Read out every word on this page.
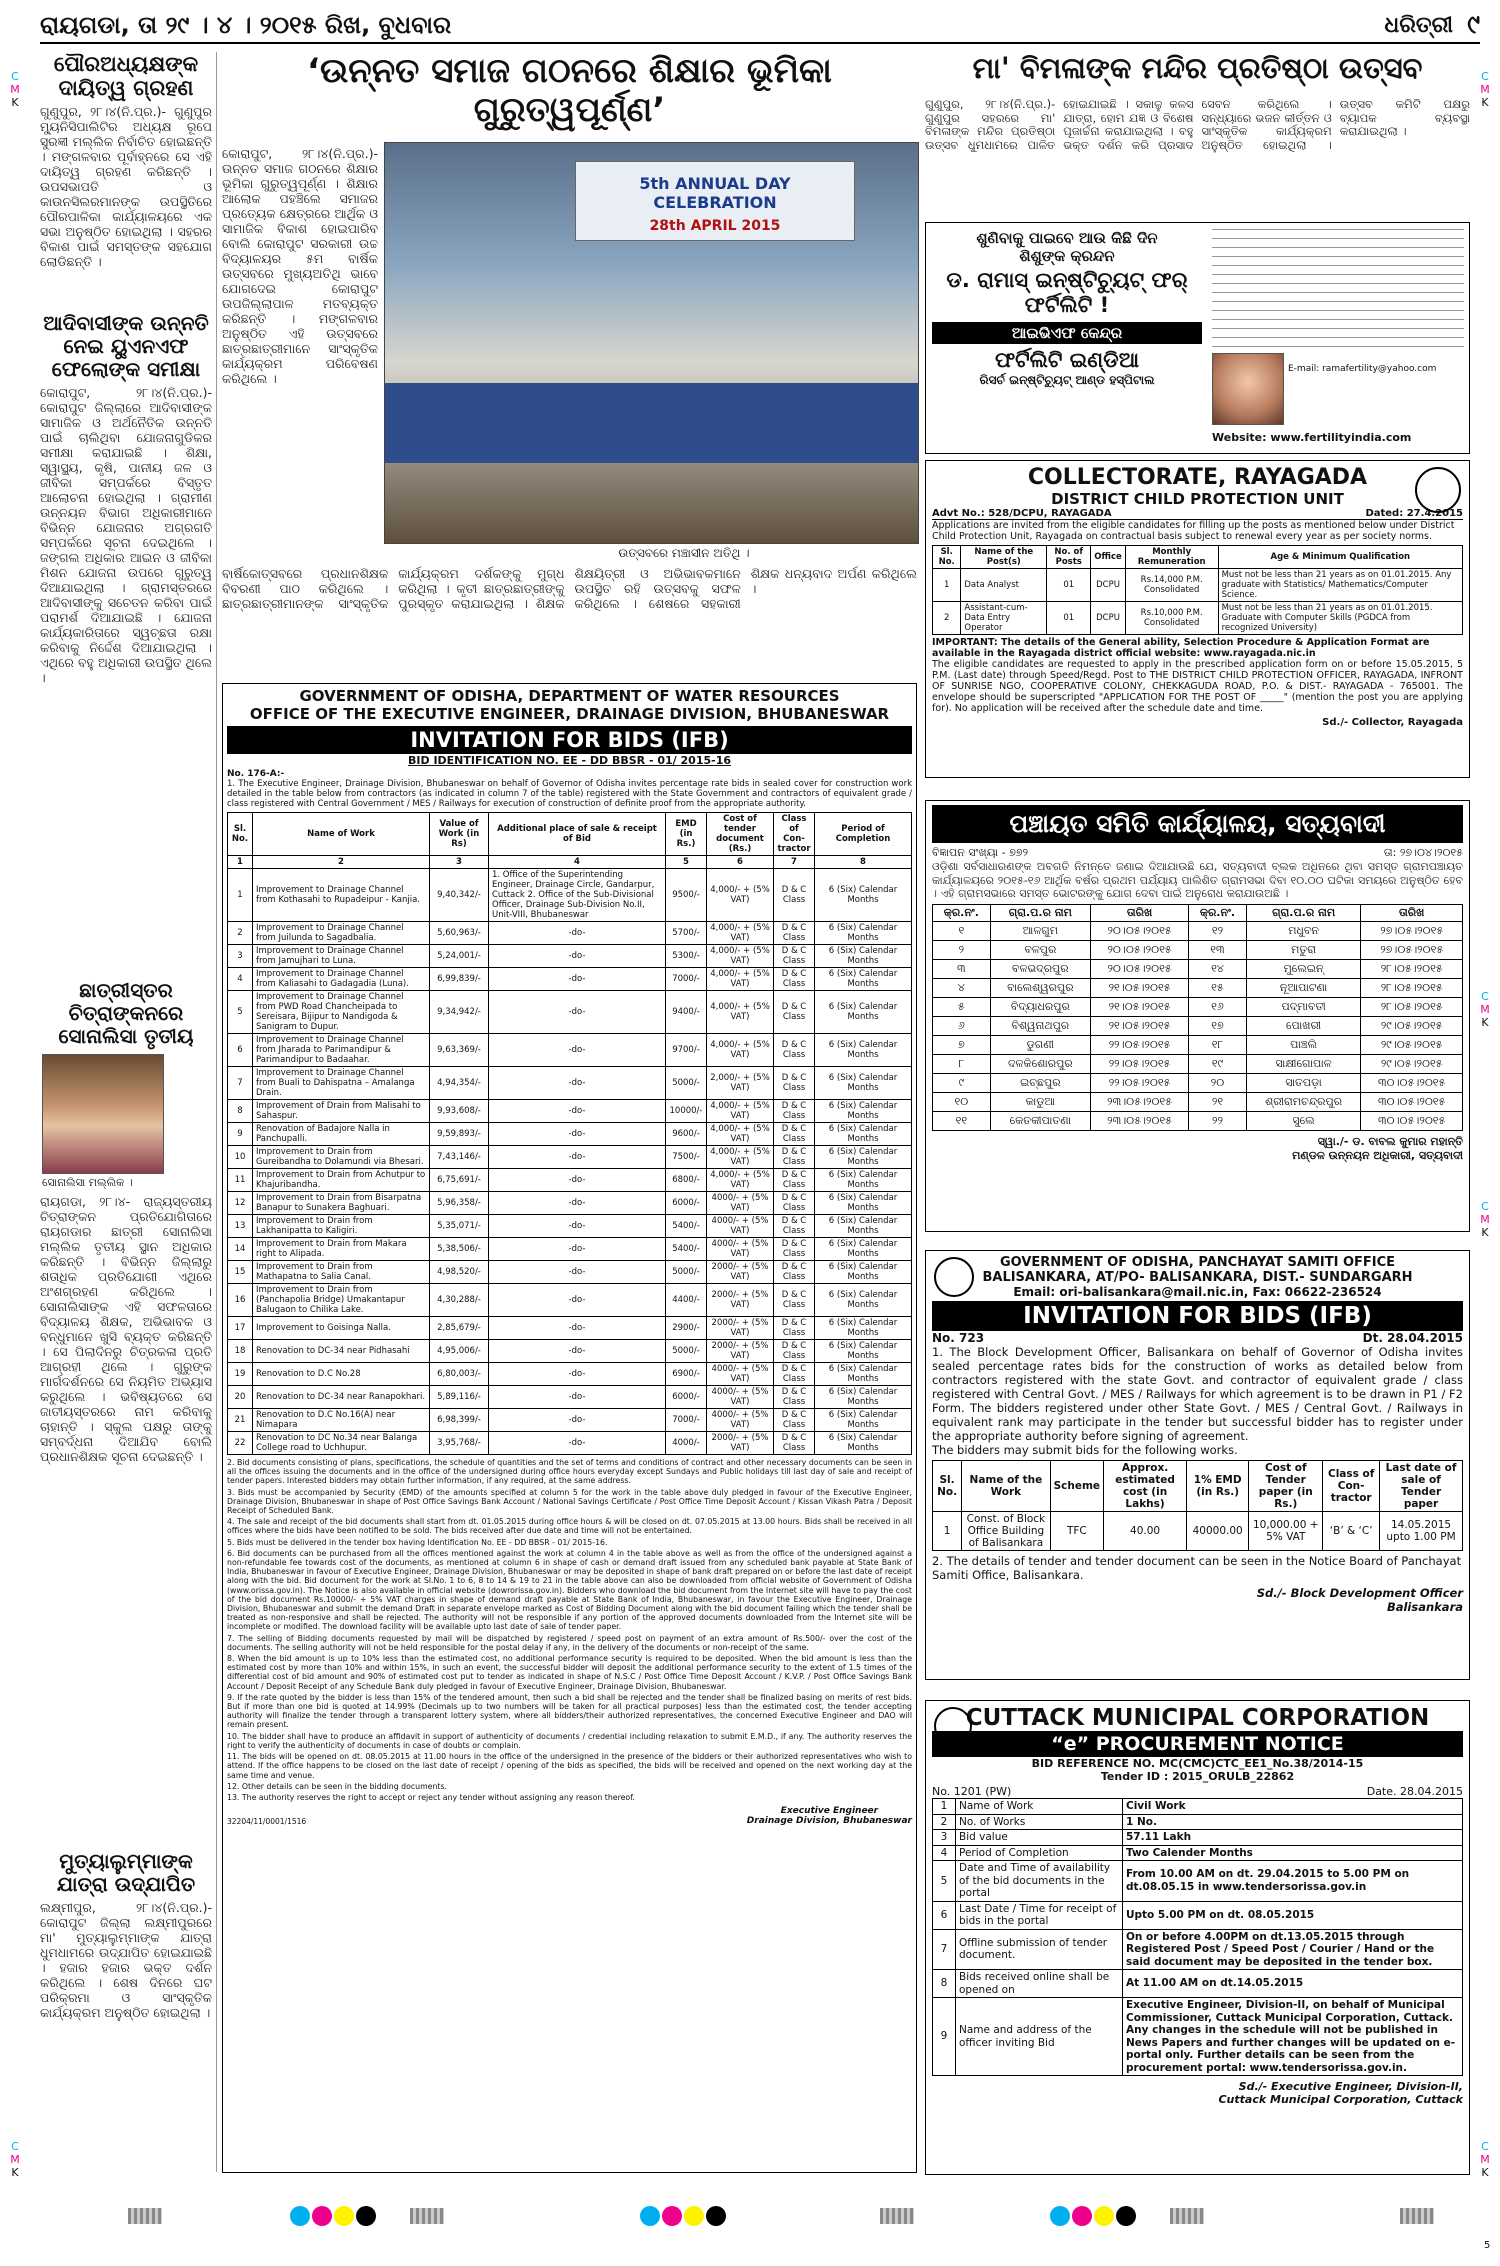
ରାୟଗଡା, ତା ୨୯ । ୪ । ୨୦୧୫ ରିଖ, ବୁଧବାର	ଧରିତ୍ରୀ ୯
C
M
K
C
M
K
C
M
K
C
M
K
C
M
K
C
M
K
ପୌରଅଧ୍ୟକ୍ଷଙ୍କ ଦାୟିତ୍ୱ ଗ୍ରହଣ
ଗୁଣୁପୁର, ୨୮।୪(ନି.ପ୍ର.)- ଗୁଣୁପୁର ମ୍ୟୁନିସିପାଲିଟିର ଅଧ୍ୟକ୍ଷ ରୂପେ ସୁରଜ୍ଞୀ ମଲ୍ଲିକ ନିର୍ବାଚିତ ହୋଇଛନ୍ତି । ମଙ୍ଗଳବାର ପୂର୍ବାହ୍ନରେ ସେ ଏହି ଦାୟିତ୍ୱ ଗ୍ରହଣ କରିଛନ୍ତି । ଉପସଭାପତି ଓ କାଉନସିଲରମାନଙ୍କ ଉପସ୍ଥିତିରେ ପୌରପାଳିକା କାର୍ଯ୍ୟାଳୟରେ ଏକ ସଭା ଅନୁଷ୍ଠିତ ହୋଇଥିଲା । ସହରର ବିକାଶ ପାଇଁ ସମସ୍ତଙ୍କ ସହଯୋଗ ଲୋଡିଛନ୍ତି ।
ଆଦିବାସୀଙ୍କ ଉନ୍ନତି ନେଇ ୟୁଏନଏଫ ଫେଲୋଙ୍କ ସମୀକ୍ଷା
କୋରାପୁଟ, ୨୮।୪(ନି.ପ୍ର.)- କୋରାପୁଟ ଜିଲ୍ଲାରେ ଆଦିବାସୀଙ୍କ ସାମାଜିକ ଓ ଅର୍ଥନୈତିକ ଉନ୍ନତି ପାଇଁ ଚାଲିଥିବା ଯୋଜନାଗୁଡିକର ସମୀକ୍ଷା କରାଯାଇଛି । ଶିକ୍ଷା, ସ୍ୱାସ୍ଥ୍ୟ, କୃଷି, ପାନୀୟ ଜଳ ଓ ଜୀବିକା ସମ୍ପର୍କରେ ବିସ୍ତୃତ ଆଲୋଚନା ହୋଇଥିଲା । ଗ୍ରାମୀଣ ଉନ୍ନୟନ ବିଭାଗ ଅଧିକାରୀମାନେ ବିଭିନ୍ନ ଯୋଜନାର ଅଗ୍ରଗତି ସମ୍ପର୍କରେ ସୂଚନା ଦେଇଥିଲେ । ଜଙ୍ଗଲ ଅଧିକାର ଆଇନ ଓ ଜୀବିକା ମିଶନ ଯୋଜନା ଉପରେ ଗୁରୁତ୍ୱ ଦିଆଯାଇଥିଲା । ଗ୍ରାମସ୍ତରରେ ଆଦିବାସୀଙ୍କୁ ସଚେତନ କରିବା ପାଇଁ ପରାମର୍ଶ ଦିଆଯାଇଛି । ଯୋଜନା କାର୍ଯ୍ୟକାରିତାରେ ସ୍ୱଚ୍ଛତା ରକ୍ଷା କରିବାକୁ ନିର୍ଦ୍ଦେଶ ଦିଆଯାଇଥିଲା । ଏଥିରେ ବହୁ ଅଧିକାରୀ ଉପସ୍ଥିତ ଥିଲେ ।
ଛାତ୍ରୀସ୍ତର ଚିତ୍ରାଙ୍କନରେ ସୋନାଲିସା ତୃତୀୟ
ସୋନାଲିସା ମଲ୍ଲିକ ।
ରାୟଗଡା, ୨୮।୪- ରାଜ୍ୟସ୍ତରୀୟ ଚିତ୍ରାଙ୍କନ ପ୍ରତିଯୋଗିତାରେ ରାୟଗଡାର ଛାତ୍ରୀ ସୋନାଲିସା ମଲ୍ଲିକ ତୃତୀୟ ସ୍ଥାନ ଅଧିକାର କରିଛନ୍ତି । ବିଭିନ୍ନ ଜିଲ୍ଲାରୁ ଶତାଧିକ ପ୍ରତିଯୋଗୀ ଏଥିରେ ଅଂଶଗ୍ରହଣ କରିଥିଲେ । ସୋନାଲିସାଙ୍କ ଏହି ସଫଳତାରେ ବିଦ୍ୟାଳୟ ଶିକ୍ଷକ, ଅଭିଭାବକ ଓ ବନ୍ଧୁମାନେ ଖୁସି ବ୍ୟକ୍ତ କରିଛନ୍ତି । ସେ ପିଲାଦିନରୁ ଚିତ୍ରକଳା ପ୍ରତି ଆଗ୍ରହୀ ଥିଲେ । ଗୁରୁଙ୍କ ମାର୍ଗଦର୍ଶନରେ ସେ ନିୟମିତ ଅଭ୍ୟାସ କରୁଥିଲେ । ଭବିଷ୍ୟତରେ ସେ ଜାତୀୟସ୍ତରରେ ନାମ କରିବାକୁ ଚାହାନ୍ତି । ସ୍କୁଲ ପକ୍ଷରୁ ତାଙ୍କୁ ସମ୍ବର୍ଦ୍ଧନା ଦିଆଯିବ ବୋଲି ପ୍ରଧାନଶିକ୍ଷକ ସୂଚନା ଦେଇଛନ୍ତି ।
ମୁତ୍ୟାଲୁମ୍ମାଙ୍କ ଯାତ୍ରା ଉଦ୍‌ଯାପିତ
ଲକ୍ଷ୍ମୀପୁର, ୨୮।୪(ନି.ପ୍ର.)- କୋରାପୁଟ ଜିଲ୍ଲା ଲକ୍ଷ୍ମୀପୁରରେ ମା' ମୁତ୍ୟାଲୁମ୍ମାଙ୍କ ଯାତ୍ରା ଧୁମଧାମରେ ଉଦ୍‌ଯାପିତ ହୋଇଯାଇଛି । ହଜାର ହଜାର ଭକ୍ତ ଦର୍ଶନ କରିଥିଲେ । ଶେଷ ଦିନରେ ଘଟ ପରିକ୍ରମା ଓ ସାଂସ୍କୃତିକ କାର୍ଯ୍ୟକ୍ରମ ଅନୁଷ୍ଠିତ ହୋଇଥିଲା ।
‘ଉନ୍ନତ ସମାଜ ଗଠନରେ ଶିକ୍ଷାର ଭୂମିକା ଗୁରୁତ୍ୱପୂର୍ଣ୍ଣ’
କୋରାପୁଟ, ୨୮।୪(ନି.ପ୍ର.)- ଉନ୍ନତ ସମାଜ ଗଠନରେ ଶିକ୍ଷାର ଭୂମିକା ଗୁରୁତ୍ୱପୂର୍ଣ୍ଣ । ଶିକ୍ଷାର ଆଲୋକ ପହଞ୍ଚିଲେ ସମାଜର ପ୍ରତ୍ୟେକ କ୍ଷେତ୍ରରେ ଆର୍ଥିକ ଓ ସାମାଜିକ ବିକାଶ ହୋଇପାରିବ ବୋଲି କୋରାପୁଟ ସରକାରୀ ଉଚ୍ଚ ବିଦ୍ୟାଳୟର ୫ମ ବାର୍ଷିକ ଉତ୍ସବରେ ମୁଖ୍ୟଅତିଥି ଭାବେ ଯୋଗଦେଇ କୋରାପୁଟ ଉପଜିଲ୍ଲାପାଳ ମତବ୍ୟକ୍ତ କରିଛନ୍ତି । ମଙ୍ଗଳବାର ଅନୁଷ୍ଠିତ ଏହି ଉତ୍ସବରେ ଛାତ୍ରଛାତ୍ରୀମାନେ ସାଂସ୍କୃତିକ କାର୍ଯ୍ୟକ୍ରମ ପରିବେଷଣ କରିଥିଲେ ।
5th ANNUAL DAY CELEBRATION
28th APRIL 2015
ଉତ୍ସବରେ ମଞ୍ଚାସୀନ ଅତିଥି ।
ବାର୍ଷିକୋତ୍ସବରେ ପ୍ରଧାନଶିକ୍ଷକ ବିବରଣୀ ପାଠ କରିଥିଲେ । ଛାତ୍ରଛାତ୍ରୀମାନଙ୍କ ସାଂସ୍କୃତିକ କାର୍ଯ୍ୟକ୍ରମ ଦର୍ଶକଙ୍କୁ ମୁଗ୍ଧ କରିଥିଲା । କୃତୀ ଛାତ୍ରଛାତ୍ରୀଙ୍କୁ ପୁରସ୍କୃତ କରାଯାଇଥିଲା । ଶିକ୍ଷକ ଶିକ୍ଷୟିତ୍ରୀ ଓ ଅଭିଭାବକମାନେ ଉପସ୍ଥିତ ରହି ଉତ୍ସବକୁ ସଫଳ କରିଥିଲେ । ଶେଷରେ ସହକାରୀ ଶିକ୍ଷକ ଧନ୍ୟବାଦ ଅର୍ପଣ କରିଥିଲେ ।
GOVERNMENT OF ODISHA, DEPARTMENT OF WATER RESOURCES
OFFICE OF THE EXECUTIVE ENGINEER, DRAINAGE DIVISION, BHUBANESWAR
INVITATION FOR BIDS (IFB)
BID IDENTIFICATION NO. EE - DD BBSR - 01/ 2015-16
No. 176-A:-
1. The Executive Engineer, Drainage Division, Bhubaneswar on behalf of Governor of Odisha invites percentage rate bids in sealed cover for construction work detailed in the table below from contractors (as indicated in column 7 of the table) registered with the State Government and contractors of equivalent grade / class registered with Central Government / MES / Railways for execution of construction of definite proof from the appropriate authority.
Sl. No.	Name of Work	Value of Work (in Rs)	Additional place of sale & receipt of Bid	EMD (in Rs.)	Cost of tender document (Rs.)	Class of Con-tractor	Period of Completion
1	2	3	4	5	6	7	8
1	Improvement to Drainage Channel from Kothasahi to Rupadeipur - Kanjia.	9,40,342/-	1. Office of the Superintending Engineer, Drainage Circle, Gandarpur, Cuttack 2. Office of the Sub-Divisional Officer, Drainage Sub-Division No.II, Unit-VIII, Bhubaneswar	9500/-	4,000/- + (5% VAT)	D & C Class	6 (Six) Calendar Months
2	Improvement to Drainage Channel from Juilunda to Sagadbalia.	5,60,963/-	-do-	5700/-	4,000/- + (5% VAT)	D & C Class	6 (Six) Calendar Months
3	Improvement to Drainage Channel from Jamujhari to Luna.	5,24,001/-	-do-	5300/-	4,000/- + (5% VAT)	D & C Class	6 (Six) Calendar Months
4	Improvement to Drainage Channel from Kaliasahi to Gadagadia (Luna).	6,99,839/-	-do-	7000/-	4,000/- + (5% VAT)	D & C Class	6 (Six) Calendar Months
5	Improvement to Drainage Channel from PWD Road Chancheipada to Sereisara, Bijipur to Nandigoda & Sanigram to Dupur.	9,34,942/-	-do-	9400/-	4,000/- + (5% VAT)	D & C Class	6 (Six) Calendar Months
6	Improvement to Drainage Channel from Jharada to Parimandipur & Parimandipur to Badaahar.	9,63,369/-	-do-	9700/-	4,000/- + (5% VAT)	D & C Class	6 (Six) Calendar Months
7	Improvement to Drainage Channel from Buali to Dahispatna – Amalanga Drain.	4,94,354/-	-do-	5000/-	2,000/- + (5% VAT)	D & C Class	6 (Six) Calendar Months
8	Improvement of Drain from Malisahi to Sahaspur.	9,93,608/-	-do-	10000/-	4,000/- + (5% VAT)	D & C Class	6 (Six) Calendar Months
9	Renovation of Badajore Nalla in Panchupalli.	9,59,893/-	-do-	9600/-	4,000/- + (5% VAT)	D & C Class	6 (Six) Calendar Months
10	Improvement to Drain from Gureibandha to Dolamundi via Bhesari.	7,43,146/-	-do-	7500/-	4,000/- + (5% VAT)	D & C Class	6 (Six) Calendar Months
11	Improvement to Drain from Achutpur to Khajuribandha.	6,75,691/-	-do-	6800/-	4,000/- + (5% VAT)	D & C Class	6 (Six) Calendar Months
12	Improvement to Drain from Bisarpatna Banapur to Sunakera Baghuari.	5,96,358/-	-do-	6000/-	4000/- + (5% VAT)	D & C Class	6 (Six) Calendar Months
13	Improvement to Drain from Lakhanipatta to Kaligiri.	5,35,071/-	-do-	5400/-	4000/- + (5% VAT)	D & C Class	6 (Six) Calendar Months
14	Improvement to Drain from Makara right to Alipada.	5,38,506/-	-do-	5400/-	4000/- + (5% VAT)	D & C Class	6 (Six) Calendar Months
15	Improvement to Drain from Mathapatna to Salia Canal.	4,98,520/-	-do-	5000/-	2000/- + (5% VAT)	D & C Class	6 (Six) Calendar Months
16	Improvement to Drain from (Panchapolia Bridge) Umakantapur Balugaon to Chilika Lake.	4,30,288/-	-do-	4400/-	2000/- + (5% VAT)	D & C Class	6 (Six) Calendar Months
17	Improvement to Goisinga Nalla.	2,85,679/-	-do-	2900/-	2000/- + (5% VAT)	D & C Class	6 (Six) Calendar Months
18	Renovation to DC-34 near Pidhasahi	4,95,006/-	-do-	5000/-	2000/- + (5% VAT)	D & C Class	6 (Six) Calendar Months
19	Renovation to D.C No.28	6,80,003/-	-do-	6900/-	4000/- + (5% VAT)	D & C Class	6 (Six) Calendar Months
20	Renovation to DC-34 near Ranapokhari.	5,89,116/-	-do-	6000/-	4000/- + (5% VAT)	D & C Class	6 (Six) Calendar Months
21	Renovation to D.C No.16(A) near Nimapara	6,98,399/-	-do-	7000/-	4000/- + (5% VAT)	D & C Class	6 (Six) Calendar Months
22	Renovation to DC No.34 near Balanga College road to Uchhupur.	3,95,768/-	-do-	4000/-	2000/- + (5% VAT)	D & C Class	6 (Six) Calendar Months

2. Bid documents consisting of plans, specifications, the schedule of quantities and the set of terms and conditions of contract and other necessary documents can be seen in all the offices issuing the documents and in the office of the undersigned during office hours everyday except Sundays and Public holidays till last day of sale and receipt of tender papers. Interested bidders may obtain further information, if any required, at the same address.

3. Bids must be accompanied by Security (EMD) of the amounts specified at column 5 for the work in the table above duly pledged in favour of the Executive Engineer, Drainage Division, Bhubaneswar in shape of Post Office Savings Bank Account / National Savings Certificate / Post Office Time Deposit Account / Kissan Vikash Patra / Deposit Receipt of Scheduled Bank.

4. The sale and receipt of the bid documents shall start from dt. 01.05.2015 during office hours & will be closed on dt. 07.05.2015 at 13.00 hours. Bids shall be received in all offices where the bids have been notified to be sold. The bids received after due date and time will not be entertained.

5. Bids must be delivered in the tender box having Identification No. EE - DD BBSR - 01/ 2015-16.

6. Bid documents can be purchased from all the offices mentioned against the work at column 4 in the table above as well as from the office of the undersigned against a non-refundable fee towards cost of the documents, as mentioned at column 6 in shape of cash or demand draft issued from any scheduled bank payable at State Bank of India, Bhubaneswar in favour of Executive Engineer, Drainage Division, Bhubaneswar or may be deposited in shape of bank draft prepared on or before the last date of receipt along with the bid. Bid document for the work at Sl.No. 1 to 6, 8 to 14 & 19 to 21 in the table above can also be downloaded from official website of Government of Odisha (www.orissa.gov.in). The Notice is also available in official website (dowrorissa.gov.in). Bidders who download the bid document from the Internet site will have to pay the cost of the bid document Rs.10000/- + 5% VAT charges in shape of demand draft payable at State Bank of India, Bhubaneswar, in favour the Executive Engineer, Drainage Division, Bhubaneswar and submit the demand Draft in separate envelope marked as Cost of Bidding Document along with the bid document failing which the tender shall be treated as non-responsive and shall be rejected. The authority will not be responsible if any portion of the approved documents downloaded from the Internet site will be incomplete or modified. The download facility will be available upto last date of sale of tender paper.

7. The selling of Bidding documents requested by mail will be dispatched by registered / speed post on payment of an extra amount of Rs.500/- over the cost of the documents. The selling authority will not be held responsible for the postal delay if any, in the delivery of the documents or non-receipt of the same.

8. When the bid amount is up to 10% less than the estimated cost, no additional performance security is required to be deposited. When the bid amount is less than the estimated cost by more than 10% and within 15%, in such an event, the successful bidder will deposit the additional performance security to the extent of 1.5 times of the differential cost of bid amount and 90% of estimated cost put to tender as indicated in shape of N.S.C / Post Office Time Deposit Account / K.V.P. / Post Office Savings Bank Account / Deposit Receipt of any Schedule Bank duly pledged in favour of Executive Engineer, Drainage Division, Bhubaneswar.

9. If the rate quoted by the bidder is less than 15% of the tendered amount, then such a bid shall be rejected and the tender shall be finalized basing on merits of rest bids. But if more than one bid is quoted at 14.99% (Decimals up to two numbers will be taken for all practical purposes) less than the estimated cost, the tender accepting authority will finalize the tender through a transparent lottery system, where all bidders/their authorized representatives, the concerned Executive Engineer and DAO will remain present.

10. The bidder shall have to produce an affidavit in support of authenticity of documents / credential including relaxation to submit E.M.D., if any. The authority reserves the right to verify the authenticity of documents in case of doubts or complain.

11. The bids will be opened on dt. 08.05.2015 at 11.00 hours in the office of the undersigned in the presence of the bidders or their authorized representatives who wish to attend. If the office happens to be closed on the last date of receipt / opening of the bids as specified, the bids will be received and opened on the next working day at the same time and venue.

12. Other details can be seen in the bidding documents.

13. The authority reserves the right to accept or reject any tender without assigning any reason thereof.

32204/11/0001/1516
Executive Engineer
Drainage Division, Bhubaneswar
ମା' ବିମଳାଙ୍କ ମନ୍ଦିର ପ୍ରତିଷ୍ଠା ଉତ୍ସବ
ଗୁଣୁପୁର, ୨୮।୪(ନି.ପ୍ର.)- ଗୁଣୁପୁର ସହରରେ ମା' ବିମଳାଙ୍କ ମନ୍ଦିର ପ୍ରତିଷ୍ଠା ଉତ୍ସବ ଧୁମଧାମରେ ପାଳିତ ହୋଇଯାଇଛି । ସକାଳୁ କଳସ ଯାତ୍ରା, ହୋମ ଯଜ୍ଞ ଓ ବିଶେଷ ପୂଜାର୍ଚ୍ଚନା କରାଯାଇଥିଲା । ବହୁ ଭକ୍ତ ଦର୍ଶନ କରି ପ୍ରସାଦ ସେବନ କରିଥିଲେ । ସନ୍ଧ୍ୟାରେ ଭଜନ କୀର୍ତ୍ତନ ଓ ସାଂସ୍କୃତିକ କାର୍ଯ୍ୟକ୍ରମ ଅନୁଷ୍ଠିତ ହୋଇଥିଲା । ଉତ୍ସବ କମିଟି ପକ୍ଷରୁ ବ୍ୟାପକ ବ୍ୟବସ୍ଥା କରାଯାଇଥିଲା ।
ଶୁଣିବାକୁ ପାଇବେ ଆଉ କିଛି ଦିନ
ଶିଶୁଙ୍କ କ୍ରନ୍ଦନ
ଡ. ରାମାସ୍ ଇନ୍‌ଷ୍ଟିଚ୍ୟୁଟ୍ ଫର୍ ଫର୍ଟିଲିଟି !
ଆଇଭିଏଫ କେନ୍ଦ୍ର
ଫର୍ଟିଲିଟି ଇଣ୍ଡିଆ
ରିସର୍ଚ ଇନ୍‌ଷ୍ଟିଚ୍ୟୁଟ୍ ଆଣ୍ଡ ହସ୍ପିଟାଲ
E-mail: ramafertility@yahoo.com
Website: www.fertilityindia.com
COLLECTORATE, RAYAGADA
DISTRICT CHILD PROTECTION UNIT
Advt No.: 528/DCPU, RAYAGADA	Dated: 27.4.2015
Applications are invited from the eligible candidates for filling up the posts as mentioned below under District Child Protection Unit, Rayagada on contractual basis subject to renewal every year as per society norms.
Sl. No.	Name of the Post(s)	No. of Posts	Office	Monthly Remuneration	Age & Minimum Qualification
1	Data Analyst	01	DCPU	Rs.14,000 P.M. Consolidated	Must not be less than 21 years as on 01.01.2015. Any graduate with Statistics/ Mathematics/Computer Science.
2	Assistant-cum-Data Entry Operator	01	DCPU	Rs.10,000 P.M. Consolidated	Must not be less than 21 years as on 01.01.2015. Graduate with Computer Skills (PGDCA from recognized University)
IMPORTANT: The details of the General ability, Selection Procedure & Application Format are available in the Rayagada district official website: www.rayagada.nic.in
The eligible candidates are requested to apply in the prescribed application form on or before 15.05.2015, 5 P.M. (Last date) through Speed/Regd. Post to THE DISTRICT CHILD PROTECTION OFFICER, RAYAGADA, INFRONT OF SUNRISE NGO, COOPERATIVE COLONY, CHEKKAGUDA ROAD, P.O. & DIST.- RAYAGADA - 765001. The envelope should be superscripted "APPLICATION FOR THE POST OF _____" (mention the post you are applying for). No application will be received after the schedule date and time.
Sd./- Collector, Rayagada
ପଞ୍ଚାୟତ ସମିତି କାର୍ଯ୍ୟାଳୟ, ସତ୍ୟବାଦୀ
ବିଜ୍ଞାପନ ସଂଖ୍ୟା - ୭୭୨	ତା: ୨୭।୦୪।୨୦୧୫
ଓଡ଼ିଶା ସର୍ବସାଧାରଣଙ୍କ ଅବଗତି ନିମନ୍ତେ ଜଣାଇ ଦିଆଯାଉଛି ଯେ, ସତ୍ୟବାଦୀ ବ୍ଲକ ଅଧିନରେ ଥିବା ସମସ୍ତ ଗ୍ରାମପଞ୍ଚାୟତ କାର୍ଯ୍ୟାଳୟରେ ୨୦୧୫-୧୬ ଆର୍ଥିକ ବର୍ଷର ପ୍ରଥମ ପର୍ଯ୍ୟାୟ ପାଲିଶିତ ଗ୍ରାମସଭା ଦିବା ୧୦.୦୦ ଘଟିକା ସମୟରେ ଅନୁଷ୍ଠିତ ହେବ । ଏହି ଗ୍ରାମସଭାରେ ସମସ୍ତ ଭୋଟରଙ୍କୁ ଯୋଗ ଦେବା ପାଇଁ ଅନୁରୋଧ କରାଯାଉଅଛି ।
କ୍ର.ନଂ.	ଗ୍ରା.ପ.ର ନାମ	ତାରିଖ	କ୍ର.ନଂ.	ଗ୍ରା.ପ.ର ନାମ	ତାରିଖ
୧	ଆଳଗୁମ	୨୦।୦୫।୨୦୧୫	୧୨	ମଧୁବନ	୨୭।୦୫।୨୦୧୫
୨	ବଳପୁର	୨୦।୦୫।୨୦୧୫	୧୩	ମତୁରା	୨୭।୦୫।୨୦୧୫
୩	ବଳଭଦ୍ରପୁର	୨୦।୦୫।୨୦୧୫	୧୪	ମୁଲେଇନ୍	୨୮।୦୫।୨୦୧୫
୪	ବାଲେଶ୍ୱରପୁର	୨୧।୦୫।୨୦୧୫	୧୫	ନୂଆପାଟଣା	୨୮।୦୫।୨୦୧୫
୫	ବିଦ୍ୟାଧରପୁର	୨୧।୦୫।୨୦୧୫	୧୬	ପଦ୍ମାବତୀ	୨୮।୦୫।୨୦୧୫
୬	ବିଶ୍ୱନାଥପୁର	୨୧।୦୫।୨୦୧୫	୧୭	ପୋଖରୀ	୨୯।୦୫।୨୦୧୫
୭	ଡୁଗଣୀ	୨୨।୦୫।୨୦୧୫	୧୮	ପାଞ୍ଚଲି	୨୯।୦୫।୨୦୧୫
୮	ଦଳକିଶୋରପୁର	୨୨।୦୫।୨୦୧୫	୧୯	ସାକ୍ଷୀଗୋପାଳ	୨୯।୦୫।୨୦୧୫
୯	ଇଚ୍ଛପୁର	୨୨।୦୫।୨୦୧୫	୨୦	ସାତପଡ଼ା	୩୦।୦୫।୨୦୧୫
୧୦	କାଡୁଆ	୨୩।୦୫।୨୦୧୫	୨୧	ଶ୍ରୀରାମଚନ୍ଦ୍ରପୁର	୩୦।୦୫।୨୦୧୫
୧୧	କେତକୀପାତଣା	୨୩।୦୫।୨୦୧୫	୨୨	ସୁଲେ	୩୦।୦୫।୨୦୧୫
ସ୍ୱା./- ଡ. ବାବଲ କୁମାର ମହାନ୍ତି
ମଣ୍ଡଳ ଉନ୍ନୟନ ଅଧିକାରୀ, ସତ୍ୟବାଦୀ
GOVERNMENT OF ODISHA, PANCHAYAT SAMITI OFFICE
BALISANKARA, AT/PO- BALISANKARA, DIST.- SUNDARGARH
Email: ori-balisankara@mail.nic.in, Fax: 06622-236524
INVITATION FOR BIDS (IFB)
No. 723	Dt. 28.04.2015
1. The Block Development Officer, Balisankara on behalf of Governor of Odisha invites sealed percentage rates bids for the construction of works as detailed below from contractors registered with the state Govt. and contractor of equivalent grade / class registered with Central Govt. / MES / Railways for which agreement is to be drawn in P1 / F2 Form. The bidders registered under other State Govt. / MES / Central Govt. / Railways in equivalent rank may participate in the tender but successful bidder has to register under the appropriate authority before signing of agreement.
The bidders may submit bids for the following works.
Sl. No.	Name of the Work	Scheme	Approx. estimated cost (in Lakhs)	1% EMD (in Rs.)	Cost of Tender paper (in Rs.)	Class of Con-tractor	Last date of sale of Tender paper
1	Const. of Block Office Building of Balisankara	TFC	40.00	40000.00	10,000.00 + 5% VAT	‘B’ & ‘C’	14.05.2015 upto 1.00 PM
2. The details of tender and tender document can be seen in the Notice Board of Panchayat Samiti Office, Balisankara.
Sd./- Block Development Officer
Balisankara
CUTTACK MUNICIPAL CORPORATION
“e” PROCUREMENT NOTICE
BID REFERENCE NO. MC(CMC)CTC_EE1_No.38/2014-15
Tender ID : 2015_ORULB_22862
No. 1201 (PW)	Date. 28.04.2015
1	Name of Work	Civil Work
2	No. of Works	1 No.
3	Bid value	57.11 Lakh
4	Period of Completion	Two Calender Months
5	Date and Time of availability of the bid documents in the portal	From 10.00 AM on dt. 29.04.2015 to 5.00 PM on dt.08.05.15 in www.tendersorissa.gov.in
6	Last Date / Time for receipt of bids in the portal	Upto 5.00 PM on dt. 08.05.2015
7	Offline submission of tender document.	On or before 4.00PM on dt.13.05.2015 through Registered Post / Speed Post / Courier / Hand or the said document may be deposited in the tender box.
8	Bids received online shall be opened on	At 11.00 AM on dt.14.05.2015
9	Name and address of the officer inviting Bid	Executive Engineer, Division-II, on behalf of Municipal Commissioner, Cuttack Municipal Corporation, Cuttack. Any changes in the schedule will not be published in News Papers and further changes will be updated on e-portal only. Further details can be seen from the procurement portal: www.tendersorissa.gov.in.
Sd./- Executive Engineer, Division-II,
Cuttack Municipal Corporation, Cuttack
5
